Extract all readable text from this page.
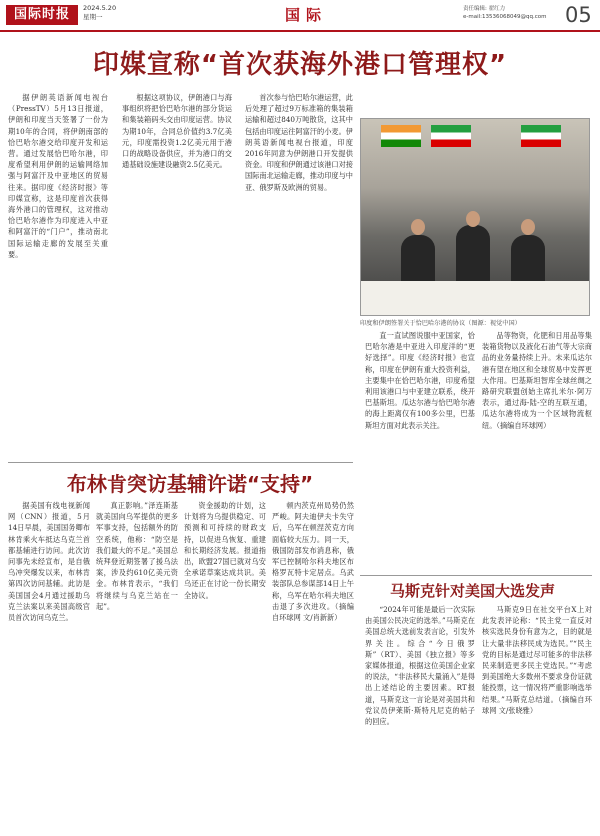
国际时报	2024.5.20
星期一	国际	责任编辑: 翟红力
e-mail:13536068049@qq.com 05
印媒宣称“首次获海外港口管理权”

据伊朗英语新闻电视台（PressTV）5月13日报道，伊朗和印度当天签署了一份为期10年的合同，将伊朗南部的恰巴哈尔港交给印度开发和运营。通过发展恰巴哈尔港，印度希望利用伊朗的运输网络加强与阿富汗及中亚地区的贸易往来。据印度《经济时报》等印媒宣称，这是印度首次获得海外港口的管理权，这对推动恰巴哈尔港作为印度进入中亚和阿富汗的“门户”，推动南北国际运输走廊的发展至关重要。

根据这项协议，伊朗港口与海事组织将把恰巴哈尔港的部分货运和集装箱码头交由印度运营。协议为期10年，合同总价值约3.7亿美元，印度需投资1.2亿美元用于港口的战略设备供应，并为港口的交通基础设施建设融资2.5亿美元。

首次参与恰巴哈尔港运营，此后处理了超过9万标准箱的集装箱运输和超过840万吨散货，这其中包括由印度运往阿富汗的小麦。伊朗英语新闻电视台报道，印度2016年同意为伊朗港口开发提供资金。印度和伊朗通过该港口对接国际南北运输走廊，推动印度与中亚、俄罗斯及欧洲的贸易。

直一直试图说服中亚国家，恰巴哈尔港是中亚进入印度洋的“更好选择”。印度《经济时报》也宣称，印度在伊朗有重大投资利益，主要集中在恰巴哈尔港，印度希望利用该港口与中亚建立联系，绕开巴基斯坦。瓜达尔港与恰巴哈尔港的海上距离仅有100多公里，巴基斯坦方面对此表示关注。

品等物资，化肥和日用品等集装箱货物以及液化石油气等大宗商品的业务量持续上升。未来瓜达尔港有望在地区和全球贸易中发挥更大作用。巴基斯坦智库全球丝绸之路研究联盟创始主席扎米尔·阿万表示，通过海-陆-空的互联互通，瓜达尔港将成为一个区域物流枢纽。（摘编自环球网）

印度和伊朗签署关于恰巴哈尔港的协议（图源：视觉中国）
布林肯突访基辅许诺“支持”

据美国有线电视新闻网（CNN）报道，5月14日早晨，美国国务卿布林肯乘火车抵达乌克兰首都基辅进行访问。此次访问事先未经宣布，是自俄乌冲突爆发以来，布林肯第四次访问基辅。此访是美国国会4月通过援助乌克兰法案以来美国高级官员首次访问乌克兰。

真正影响。”泽连斯基就美国向乌军提供的更多军事支持，包括额外的防空系统，他称：“防空是我们最大的不足。”美国总统拜登近期签署了援乌法案，涉及约610亿美元资金。布林肯表示，“我们将继续与乌克兰站在一起”。

资金援助的计划，这计划将为乌提供稳定、可预测和可持续的财政支持，以促进乌恢复、重建和长期经济发展。报道指出，欧盟27国已就对乌安全承诺草案达成共识。美乌还正在讨论一份长期安全协议。

顿内茨克州局势仍然严峻。阿夫迪伊夫卡失守后，乌军在顿涅茨克方向面临较大压力。同一天，俄国防部发布消息称，俄军已控制哈尔科夫地区布格罗瓦特卡定居点。乌武装部队总参谋部14日上午称，乌军在哈尔科夫地区击退了多次进攻。（摘编自环球网 文/肖新新）

马斯克针对美国大选发声

“2024年可能是最后一次实际由美国公民决定的选举。”马斯克在美国总统大选前发表言论，引发外界关注。综合“今日俄罗斯”（RT）、美国《独立报》等多家媒体报道，根据这位美国企业家的说法，“非法移民大量涌入”是得出上述结论的主要因素。RT报道，马斯克这一言论是对美国共和党议员伊莱斯·斯特凡尼克的帖子的回应。

马斯克9日在社交平台X上对此发表评论称：“民主党一直反对核实选民身份有意为之，目的就是让大量非法移民成为选民。”“民主党的目标是通过尽可能多的非法移民来制造更多民主党选民。”“考虑到美国绝大多数州不要求身份证就能投票，这一情况将严重影响选举结果。”马斯克总结道。（摘编自环球网 文/张晓雅）
